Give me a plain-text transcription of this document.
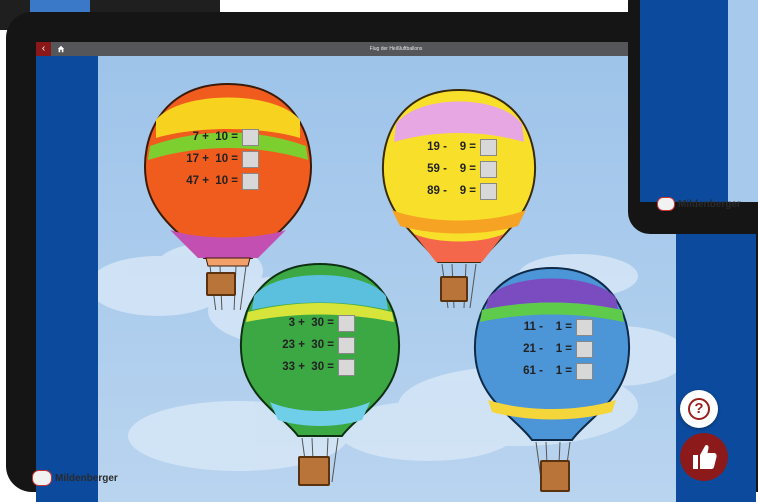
‹	Flug der Heißluftballons
7 +  10 =
17 +  10 =
47 +  10 =
19 -    9 =
59 -    9 =
89 -    9 =
3 +  30 =
23 +  30 =
33 +  30 =
11 -    1 =
21 -    1 =
61 -    1 =
?
Mildenberger
Mildenberger
